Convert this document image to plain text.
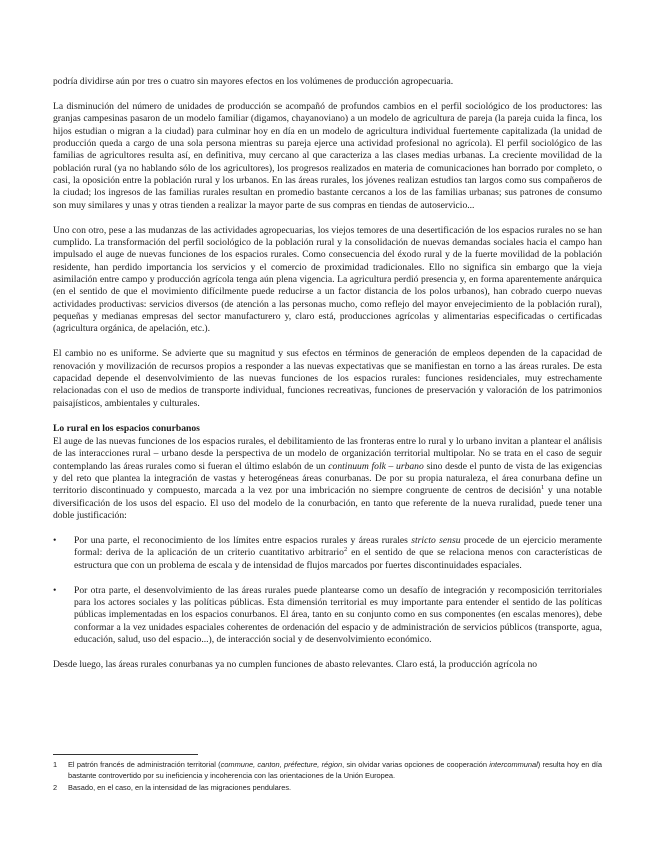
podría dividirse aún por tres o cuatro sin mayores efectos en los volúmenes de producción agropecuaria.

La disminución del número de unidades de producción se acompañó de profundos cambios en el perfil sociológico de los productores: las granjas campesinas pasaron de un modelo familiar (digamos, chayanoviano) a un modelo de agricultura de pareja (la pareja cuida la finca, los hijos estudian o migran a la ciudad) para culminar hoy en día en un modelo de agricultura individual fuertemente capitalizada (la unidad de producción queda a cargo de una sola persona mientras su pareja ejerce una actividad profesional no agrícola). El perfil sociológico de las familias de agricultores resulta así, en definitiva, muy cercano al que caracteriza a las clases medias urbanas. La creciente movilidad de la población rural (ya no hablando sólo de los agricultores), los progresos realizados en materia de comunicaciones han borrado por completo, o casi, la oposición entre la población rural y los urbanos. En las áreas rurales, los jóvenes realizan estudios tan largos como sus compañeros de la ciudad; los ingresos de las familias rurales resultan en promedio bastante cercanos a los de las familias urbanas; sus patrones de consumo son muy similares y unas y otras tienden a realizar la mayor parte de sus compras en tiendas de autoservicio...

Uno con otro, pese a las mudanzas de las actividades agropecuarias, los viejos temores de una desertificación de los espacios rurales no se han cumplido. La transformación del perfil sociológico de la población rural y la consolidación de nuevas demandas sociales hacia el campo han impulsado el auge de nuevas funciones de los espacios rurales. Como consecuencia del éxodo rural y de la fuerte movilidad de la población residente, han perdido importancia los servicios y el comercio de proximidad tradicionales. Ello no significa sin embargo que la vieja asimilación entre campo y producción agrícola tenga aún plena vigencia. La agricultura perdió presencia y, en forma aparentemente anárquica (en el sentido de que el movimiento difícilmente puede reducirse a un factor distancia de los polos urbanos), han cobrado cuerpo nuevas actividades productivas: servicios diversos (de atención a las personas mucho, como reflejo del mayor envejecimiento de la población rural), pequeñas y medianas empresas del sector manufacturero y, claro está, producciones agrícolas y alimentarias especificadas o certificadas (agricultura orgánica, de apelación, etc.).

El cambio no es uniforme. Se advierte que su magnitud y sus efectos en términos de generación de empleos dependen de la capacidad de renovación y movilización de recursos propios a responder a las nuevas expectativas que se manifiestan en torno a las áreas rurales. De esta capacidad depende el desenvolvimiento de las nuevas funciones de los espacios rurales: funciones residenciales, muy estrechamente relacionadas con el uso de medios de transporte individual, funciones recreativas, funciones de preservación y valoración de los patrimonios paisajísticos, ambientales y culturales.

Lo rural en los espacios conurbanos

El auge de las nuevas funciones de los espacios rurales, el debilitamiento de las fronteras entre lo rural y lo urbano invitan a plantear el análisis de las interacciones rural – urbano desde la perspectiva de un modelo de organización territorial multipolar. No se trata en el caso de seguir contemplando las áreas rurales como si fueran el último eslabón de un continuum folk – urbano sino desde el punto de vista de las exigencias y del reto que plantea la integración de vastas y heterogéneas áreas conurbanas. De por su propia naturaleza, el área conurbana define un territorio discontinuado y compuesto, marcada a la vez por una imbricación no siempre congruente de centros de decisión$^1$ y una notable diversificación de los usos del espacio. El uso del modelo de la conurbación, en tanto que referente de la nueva ruralidad, puede tener una doble justificación:

• Por una parte, el reconocimiento de los límites entre espacios rurales y áreas rurales stricto sensu procede de un ejercicio meramente formal: deriva de la aplicación de un criterio cuantitativo arbitrario$^2$ en el sentido de que se relaciona menos con características de estructura que con un problema de escala y de intensidad de flujos marcados por fuertes discontinuidades espaciales.
• Por otra parte, el desenvolvimiento de las áreas rurales puede plantearse como un desafío de integración y recomposición territoriales para los actores sociales y las políticas públicas. Esta dimensión territorial es muy importante para entender el sentido de las políticas públicas implementadas en los espacios conurbanos. El área, tanto en su conjunto como en sus componentes (en escalas menores), debe conformar a la vez unidades espaciales coherentes de ordenación del espacio y de administración de servicios públicos (transporte, agua, educación, salud, uso del espacio...), de interacción social y de desenvolvimiento económico.

Desde luego, las áreas rurales conurbanas ya no cumplen funciones de abasto relevantes. Claro está, la producción agrícola no

1 El patrón francés de administración territorial (commune, canton, préfecture, région, sin olvidar varias opciones de cooperación intercommunal) resulta hoy en día bastante controvertido por su ineficiencia y incoherencia con las orientaciones de la Unión Europea.
2 Basado, en el caso, en la intensidad de las migraciones pendulares.
